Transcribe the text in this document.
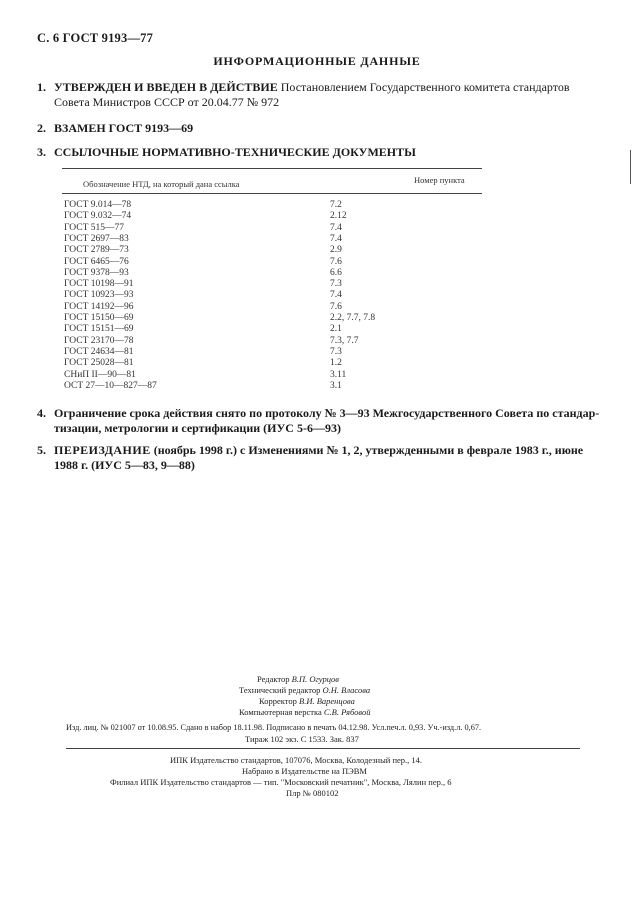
С. 6 ГОСТ 9193—77
ИНФОРМАЦИОННЫЕ ДАННЫЕ
1. УТВЕРЖДЕН И ВВЕДЕН В ДЕЙСТВИЕ Постановлением Государственного комитета стандартов Совета Министров СССР от 20.04.77 № 972
2. ВЗАМЕН ГОСТ 9193—69
3. ССЫЛОЧНЫЕ НОРМАТИВНО-ТЕХНИЧЕСКИЕ ДОКУМЕНТЫ
Обозначение НТД, на который дана ссылка	Номер пункта
ГОСТ 9.014—78	7.2
ГОСТ 9.032—74	2.12
ГОСТ 515—77	7.4
ГОСТ 2697—83	7.4
ГОСТ 2789—73	2.9
ГОСТ 6465—76	7.6
ГОСТ 9378—93	6.6
ГОСТ 10198—91	7.3
ГОСТ 10923—93	7.4
ГОСТ 14192—96	7.6
ГОСТ 15150—69	2.2, 7.7, 7.8
ГОСТ 15151—69	2.1
ГОСТ 23170—78	7.3, 7.7
ГОСТ 24634—81	7.3
ГОСТ 25028—81	1.2
СНиП II—90—81	3.11
ОСТ 27—10—827—87	3.1
4. Ограничение срока действия снято по протоколу № 3—93 Межгосударственного Совета по стандар-
тизации, метрологии и сертификации (ИУС 5-6—93)
5. ПЕРЕИЗДАНИЕ (ноябрь 1998 г.) с Изменениями № 1, 2, утвержденными в феврале 1983 г., июне
1988 г. (ИУС 5—83, 9—88)
Редактор В.П. Огурцов
Технический редактор О.Н. Власова
Корректор В.И. Варенцова
Компьютерная верстка С.В. Рябовой
Изд. лиц. № 021007 от 10.08.95. Сдано в набор 18.11.98. Подписано в печать 04.12.98. Усл.печ.л. 0,93. Уч.-изд.л. 0,67.
Тираж 102 экз. С 1533. Зак. 837
ИПК Издательство стандартов, 107076, Москва, Колодезный пер., 14.
Набрано в Издательстве на ПЭВМ
Филиал ИПК Издательство стандартов — тип. "Московский печатник", Москва, Лялин пер., 6
Плр № 080102
